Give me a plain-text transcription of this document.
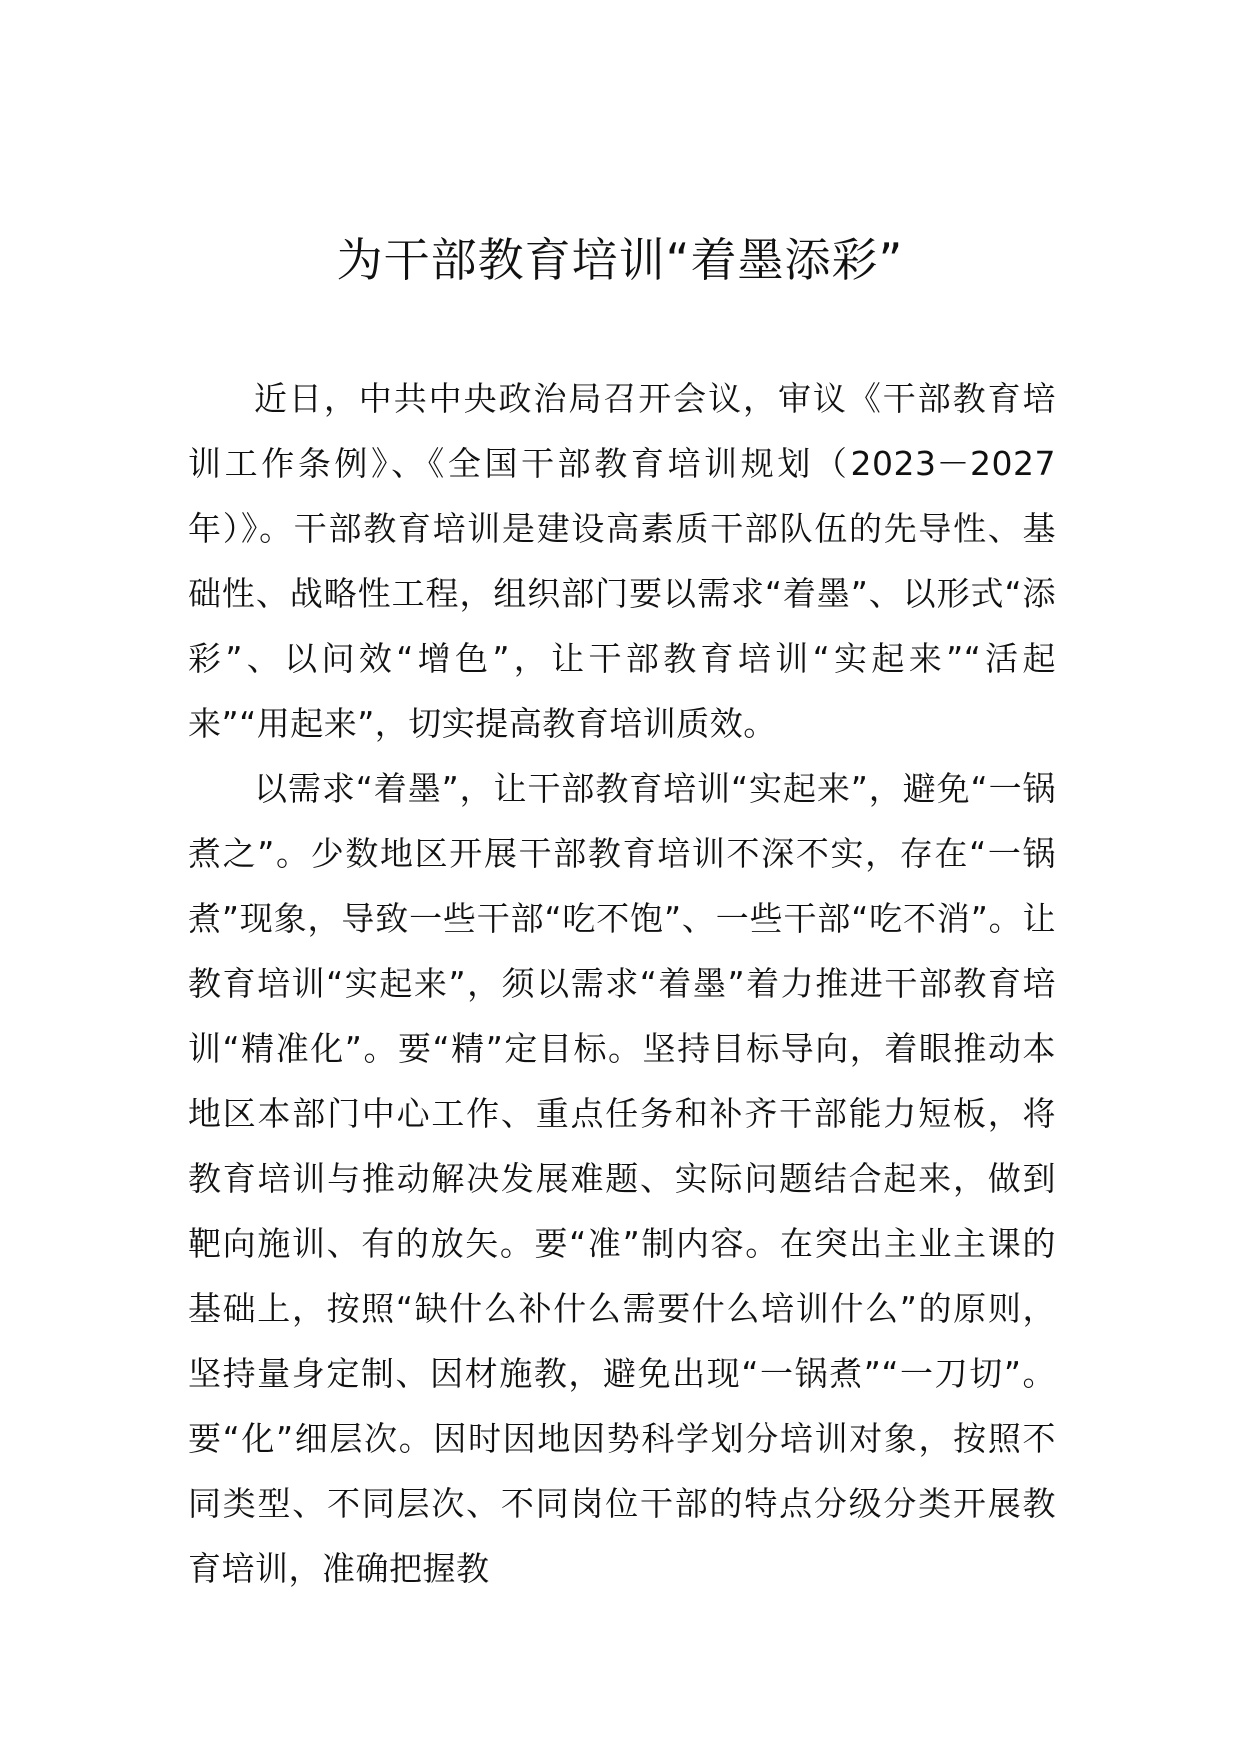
为干部教育培训“着墨添彩”

近日，中共中央政治局召开会议，审议《干部教育培训工作条例》、《全国干部教育培训规划（2023－2027年）》。干部教育培训是建设高素质干部队伍的先导性、基础性、战略性工程，组织部门要以需求“着墨”、以形式“添彩”、以问效“增色”，让干部教育培训“实起来”“活起来”“用起来”，切实提高教育培训质效。

以需求“着墨”，让干部教育培训“实起来”，避免“一锅煮之”。少数地区开展干部教育培训不深不实，存在“一锅煮”现象，导致一些干部“吃不饱”、一些干部“吃不消”。让教育培训“实起来”，须以需求“着墨”着力推进干部教育培训“精准化”。要“精”定目标。坚持目标导向，着眼推动本地区本部门中心工作、重点任务和补齐干部能力短板，将教育培训与推动解决发展难题、实际问题结合起来，做到靶向施训、有的放矢。要“准”制内容。在突出主业主课的基础上，按照“缺什么补什么需要什么培训什么”的原则，坚持量身定制、因材施教，避免出现“一锅煮”“一刀切”。要“化”细层次。因时因地因势科学划分培训对象，按照不同类型、不同层次、不同岗位干部的特点分级分类开展教育培训，准确把握教
